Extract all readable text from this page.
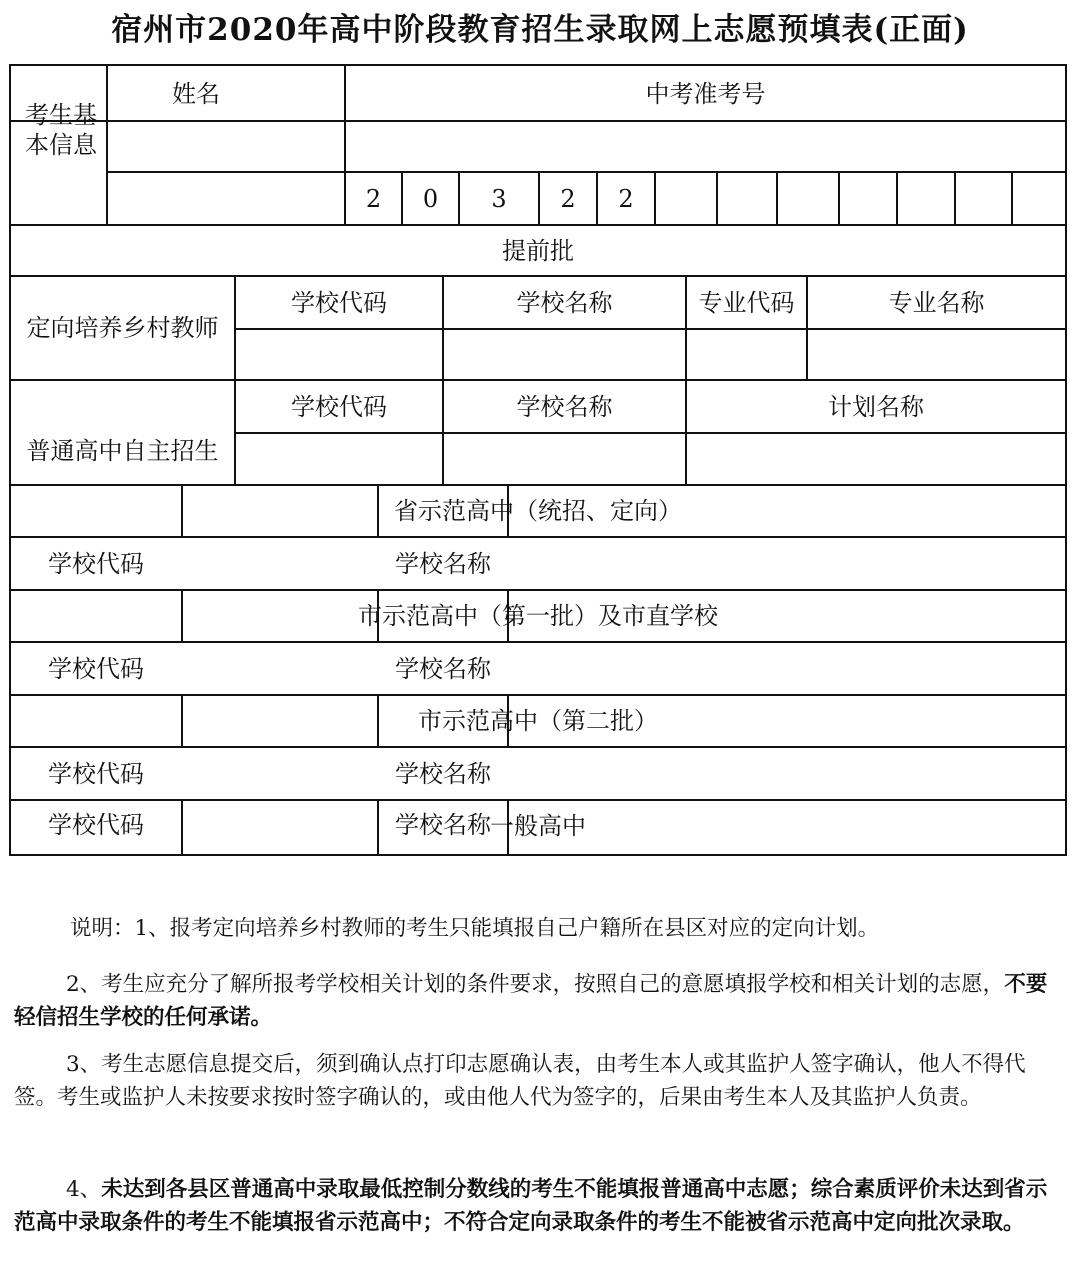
宿州市2020年高中阶段教育招生录取网上志愿预填表(正面)
考生基本信息
姓名	中考准考号
2	0	3	2	2
提前批
定向培养乡村教师
学校代码	学校名称	专业代码	专业名称
普通高中自主招生
学校代码	学校名称	计划名称
省示范高中（统招、定向）
学校代码	学校名称
市示范高中（第一批）及市直学校
学校代码	学校名称
市示范高中（第二批）
学校代码	学校名称
一般高中
学校代码	学校名称
说明：1、报考定向培养乡村教师的考生只能填报自己户籍所在县区对应的定向计划。
2、考生应充分了解所报考学校相关计划的条件要求，按照自己的意愿填报学校和相关计划的志愿，不要轻信招生学校的任何承诺。
3、考生志愿信息提交后，须到确认点打印志愿确认表，由考生本人或其监护人签字确认，他人不得代签。考生或监护人未按要求按时签字确认的，或由他人代为签字的，后果由考生本人及其监护人负责。
4、未达到各县区普通高中录取最低控制分数线的考生不能填报普通高中志愿；综合素质评价未达到省示范高中录取条件的考生不能填报省示范高中；不符合定向录取条件的考生不能被省示范高中定向批次录取。
